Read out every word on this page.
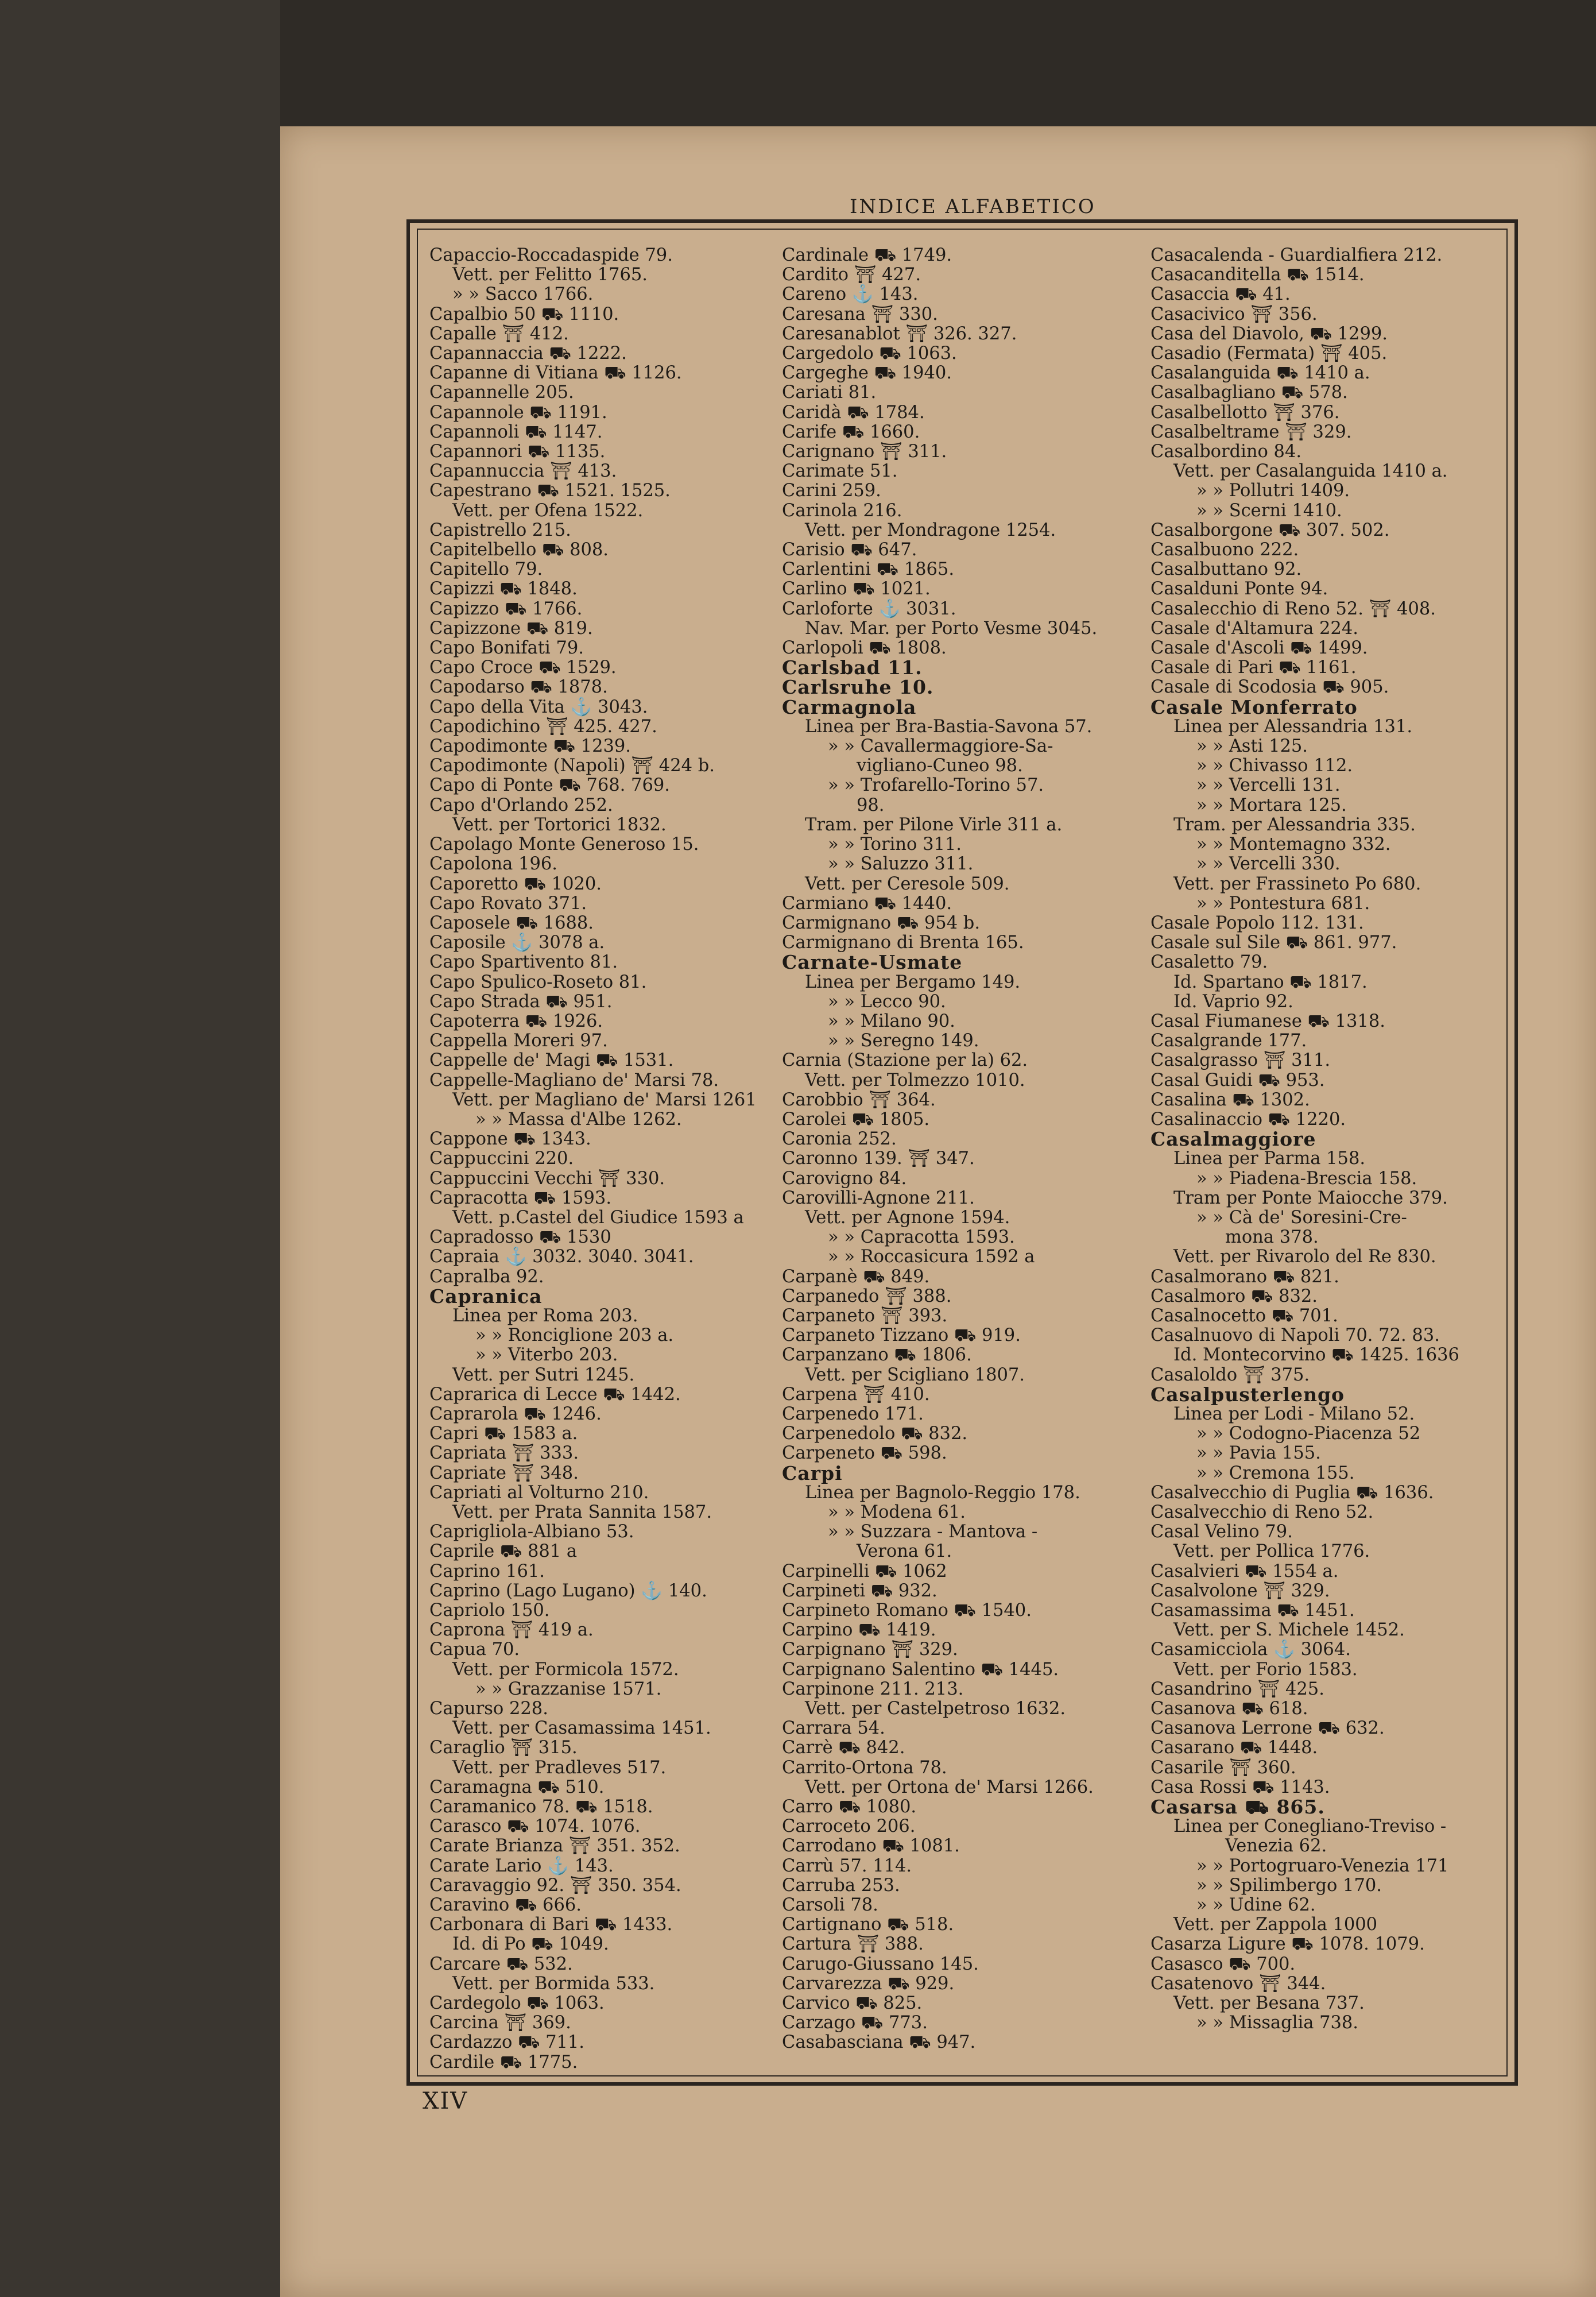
INDICE ALFABETICO
Capaccio-Roccadaspide 79.
Vett. per Felitto 1765.
» » Sacco 1766.
Capalbio 50 ⛟ 1110.
Capalle ⛩ 412.
Capannaccia ⛟ 1222.
Capanne di Vitiana ⛟ 1126.
Capannelle 205.
Capannole ⛟ 1191.
Capannoli ⛟ 1147.
Capannori ⛟ 1135.
Capannuccia ⛩ 413.
Capestrano ⛟ 1521. 1525.
Vett. per Ofena 1522.
Capistrello 215.
Capitelbello ⛟ 808.
Capitello 79.
Capizzi ⛟ 1848.
Capizzo ⛟ 1766.
Capizzone ⛟ 819.
Capo Bonifati 79.
Capo Croce ⛟ 1529.
Capodarso ⛟ 1878.
Capo della Vita ⚓ 3043.
Capodichino ⛩ 425. 427.
Capodimonte ⛟ 1239.
Capodimonte (Napoli) ⛩ 424 b.
Capo di Ponte ⛟ 768. 769.
Capo d'Orlando 252.
Vett. per Tortorici 1832.
Capolago Monte Generoso 15.
Capolona 196.
Caporetto ⛟ 1020.
Capo Rovato 371.
Caposele ⛟ 1688.
Caposile ⚓ 3078 a.
Capo Spartivento 81.
Capo Spulico-Roseto 81.
Capo Strada ⛟ 951.
Capoterra ⛟ 1926.
Cappella Moreri 97.
Cappelle de' Magi ⛟ 1531.
Cappelle-Magliano de' Marsi 78.
Vett. per Magliano de' Marsi 1261
» » Massa d'Albe 1262.
Cappone ⛟ 1343.
Cappuccini 220.
Cappuccini Vecchi ⛩ 330.
Capracotta ⛟ 1593.
Vett. p.Castel del Giudice 1593 a
Capradosso ⛟ 1530
Capraia ⚓ 3032. 3040. 3041.
Capralba 92.
Capranica
Linea per Roma 203.
» » Ronciglione 203 a.
» » Viterbo 203.
Vett. per Sutri 1245.
Caprarica di Lecce ⛟ 1442.
Caprarola ⛟ 1246.
Capri ⛟ 1583 a.
Capriata ⛩ 333.
Capriate ⛩ 348.
Capriati al Volturno 210.
Vett. per Prata Sannita 1587.
Caprigliola-Albiano 53.
Caprile ⛟ 881 a
Caprino 161.
Caprino (Lago Lugano) ⚓ 140.
Capriolo 150.
Caprona ⛩ 419 a.
Capua 70.
Vett. per Formicola 1572.
» » Grazzanise 1571.
Capurso 228.
Vett. per Casamassima 1451.
Caraglio ⛩ 315.
Vett. per Pradleves 517.
Caramagna ⛟ 510.
Caramanico 78. ⛟ 1518.
Carasco ⛟ 1074. 1076.
Carate Brianza ⛩ 351. 352.
Carate Lario ⚓ 143.
Caravaggio 92. ⛩ 350. 354.
Caravino ⛟ 666.
Carbonara di Bari ⛟ 1433.
Id. di Po ⛟ 1049.
Carcare ⛟ 532.
Vett. per Bormida 533.
Cardegolo ⛟ 1063.
Carcina ⛩ 369.
Cardazzo ⛟ 711.
Cardile ⛟ 1775.
Cardinale ⛟ 1749.
Cardito ⛩ 427.
Careno ⚓ 143.
Caresana ⛩ 330.
Caresanablot ⛩ 326. 327.
Cargedolo ⛟ 1063.
Cargeghe ⛟ 1940.
Cariati 81.
Caridà ⛟ 1784.
Carife ⛟ 1660.
Carignano ⛩ 311.
Carimate 51.
Carini 259.
Carinola 216.
Vett. per Mondragone 1254.
Carisio ⛟ 647.
Carlentini ⛟ 1865.
Carlino ⛟ 1021.
Carloforte ⚓ 3031.
Nav. Mar. per Porto Vesme 3045.
Carlopoli ⛟ 1808.
Carlsbad 11.
Carlsruhe 10.
Carmagnola
Linea per Bra-Bastia-Savona 57.
» » Cavallermaggiore-Sa-
vigliano-Cuneo 98.
» » Trofarello-Torino 57.
98.
Tram. per Pilone Virle 311 a.
» » Torino 311.
» » Saluzzo 311.
Vett. per Ceresole 509.
Carmiano ⛟ 1440.
Carmignano ⛟ 954 b.
Carmignano di Brenta 165.
Carnate-Usmate
Linea per Bergamo 149.
» » Lecco 90.
» » Milano 90.
» » Seregno 149.
Carnia (Stazione per la) 62.
Vett. per Tolmezzo 1010.
Carobbio ⛩ 364.
Carolei ⛟ 1805.
Caronia 252.
Caronno 139. ⛩ 347.
Carovigno 84.
Carovilli-Agnone 211.
Vett. per Agnone 1594.
» » Capracotta 1593.
» » Roccasicura 1592 a
Carpanè ⛟ 849.
Carpanedo ⛩ 388.
Carpaneto ⛩ 393.
Carpaneto Tizzano ⛟ 919.
Carpanzano ⛟ 1806.
Vett. per Scigliano 1807.
Carpena ⛩ 410.
Carpenedo 171.
Carpenedolo ⛟ 832.
Carpeneto ⛟ 598.
Carpi
Linea per Bagnolo-Reggio 178.
» » Modena 61.
» » Suzzara - Mantova -
Verona 61.
Carpinelli ⛟ 1062
Carpineti ⛟ 932.
Carpineto Romano ⛟ 1540.
Carpino ⛟ 1419.
Carpignano ⛩ 329.
Carpignano Salentino ⛟ 1445.
Carpinone 211. 213.
Vett. per Castelpetroso 1632.
Carrara 54.
Carrè ⛟ 842.
Carrito-Ortona 78.
Vett. per Ortona de' Marsi 1266.
Carro ⛟ 1080.
Carroceto 206.
Carrodano ⛟ 1081.
Carrù 57. 114.
Carruba 253.
Carsoli 78.
Cartignano ⛟ 518.
Cartura ⛩ 388.
Carugo-Giussano 145.
Carvarezza ⛟ 929.
Carvico ⛟ 825.
Carzago ⛟ 773.
Casabasciana ⛟ 947.
Casacalenda - Guardialfiera 212.
Casacanditella ⛟ 1514.
Casaccia ⛟ 41.
Casacivico ⛩ 356.
Casa del Diavolo, ⛟ 1299.
Casadio (Fermata) ⛩ 405.
Casalanguida ⛟ 1410 a.
Casalbagliano ⛟ 578.
Casalbellotto ⛩ 376.
Casalbeltrame ⛩ 329.
Casalbordino 84.
Vett. per Casalanguida 1410 a.
» » Pollutri 1409.
» » Scerni 1410.
Casalborgone ⛟ 307. 502.
Casalbuono 222.
Casalbuttano 92.
Casalduni Ponte 94.
Casalecchio di Reno 52. ⛩ 408.
Casale d'Altamura 224.
Casale d'Ascoli ⛟ 1499.
Casale di Pari ⛟ 1161.
Casale di Scodosia ⛟ 905.
Casale Monferrato
Linea per Alessandria 131.
» » Asti 125.
» » Chivasso 112.
» » Vercelli 131.
» » Mortara 125.
Tram. per Alessandria 335.
» » Montemagno 332.
» » Vercelli 330.
Vett. per Frassineto Po 680.
» » Pontestura 681.
Casale Popolo 112. 131.
Casale sul Sile ⛟ 861. 977.
Casaletto 79.
Id. Spartano ⛟ 1817.
Id. Vaprio 92.
Casal Fiumanese ⛟ 1318.
Casalgrande 177.
Casalgrasso ⛩ 311.
Casal Guidi ⛟ 953.
Casalina ⛟ 1302.
Casalinaccio ⛟ 1220.
Casalmaggiore
Linea per Parma 158.
» » Piadena-Brescia 158.
Tram per Ponte Maiocche 379.
» » Cà de' Soresini-Cre-
mona 378.
Vett. per Rivarolo del Re 830.
Casalmorano ⛟ 821.
Casalmoro ⛟ 832.
Casalnocetto ⛟ 701.
Casalnuovo di Napoli 70. 72. 83.
Id. Montecorvino ⛟ 1425. 1636
Casaloldo ⛩ 375.
Casalpusterlengo
Linea per Lodi - Milano 52.
» » Codogno-Piacenza 52
» » Pavia 155.
» » Cremona 155.
Casalvecchio di Puglia ⛟ 1636.
Casalvecchio di Reno 52.
Casal Velino 79.
Vett. per Pollica 1776.
Casalvieri ⛟ 1554 a.
Casalvolone ⛩ 329.
Casamassima ⛟ 1451.
Vett. per S. Michele 1452.
Casamicciola ⚓ 3064.
Vett. per Forio 1583.
Casandrino ⛩ 425.
Casanova ⛟ 618.
Casanova Lerrone ⛟ 632.
Casarano ⛟ 1448.
Casarile ⛩ 360.
Casa Rossi ⛟ 1143.
Casarsa ⛟ 865.
Linea per Conegliano-Treviso -
Venezia 62.
» » Portogruaro-Venezia 171
» » Spilimbergo 170.
» » Udine 62.
Vett. per Zappola 1000
Casarza Ligure ⛟ 1078. 1079.
Casasco ⛟ 700.
Casatenovo ⛩ 344.
Vett. per Besana 737.
» » Missaglia 738.
XIV
